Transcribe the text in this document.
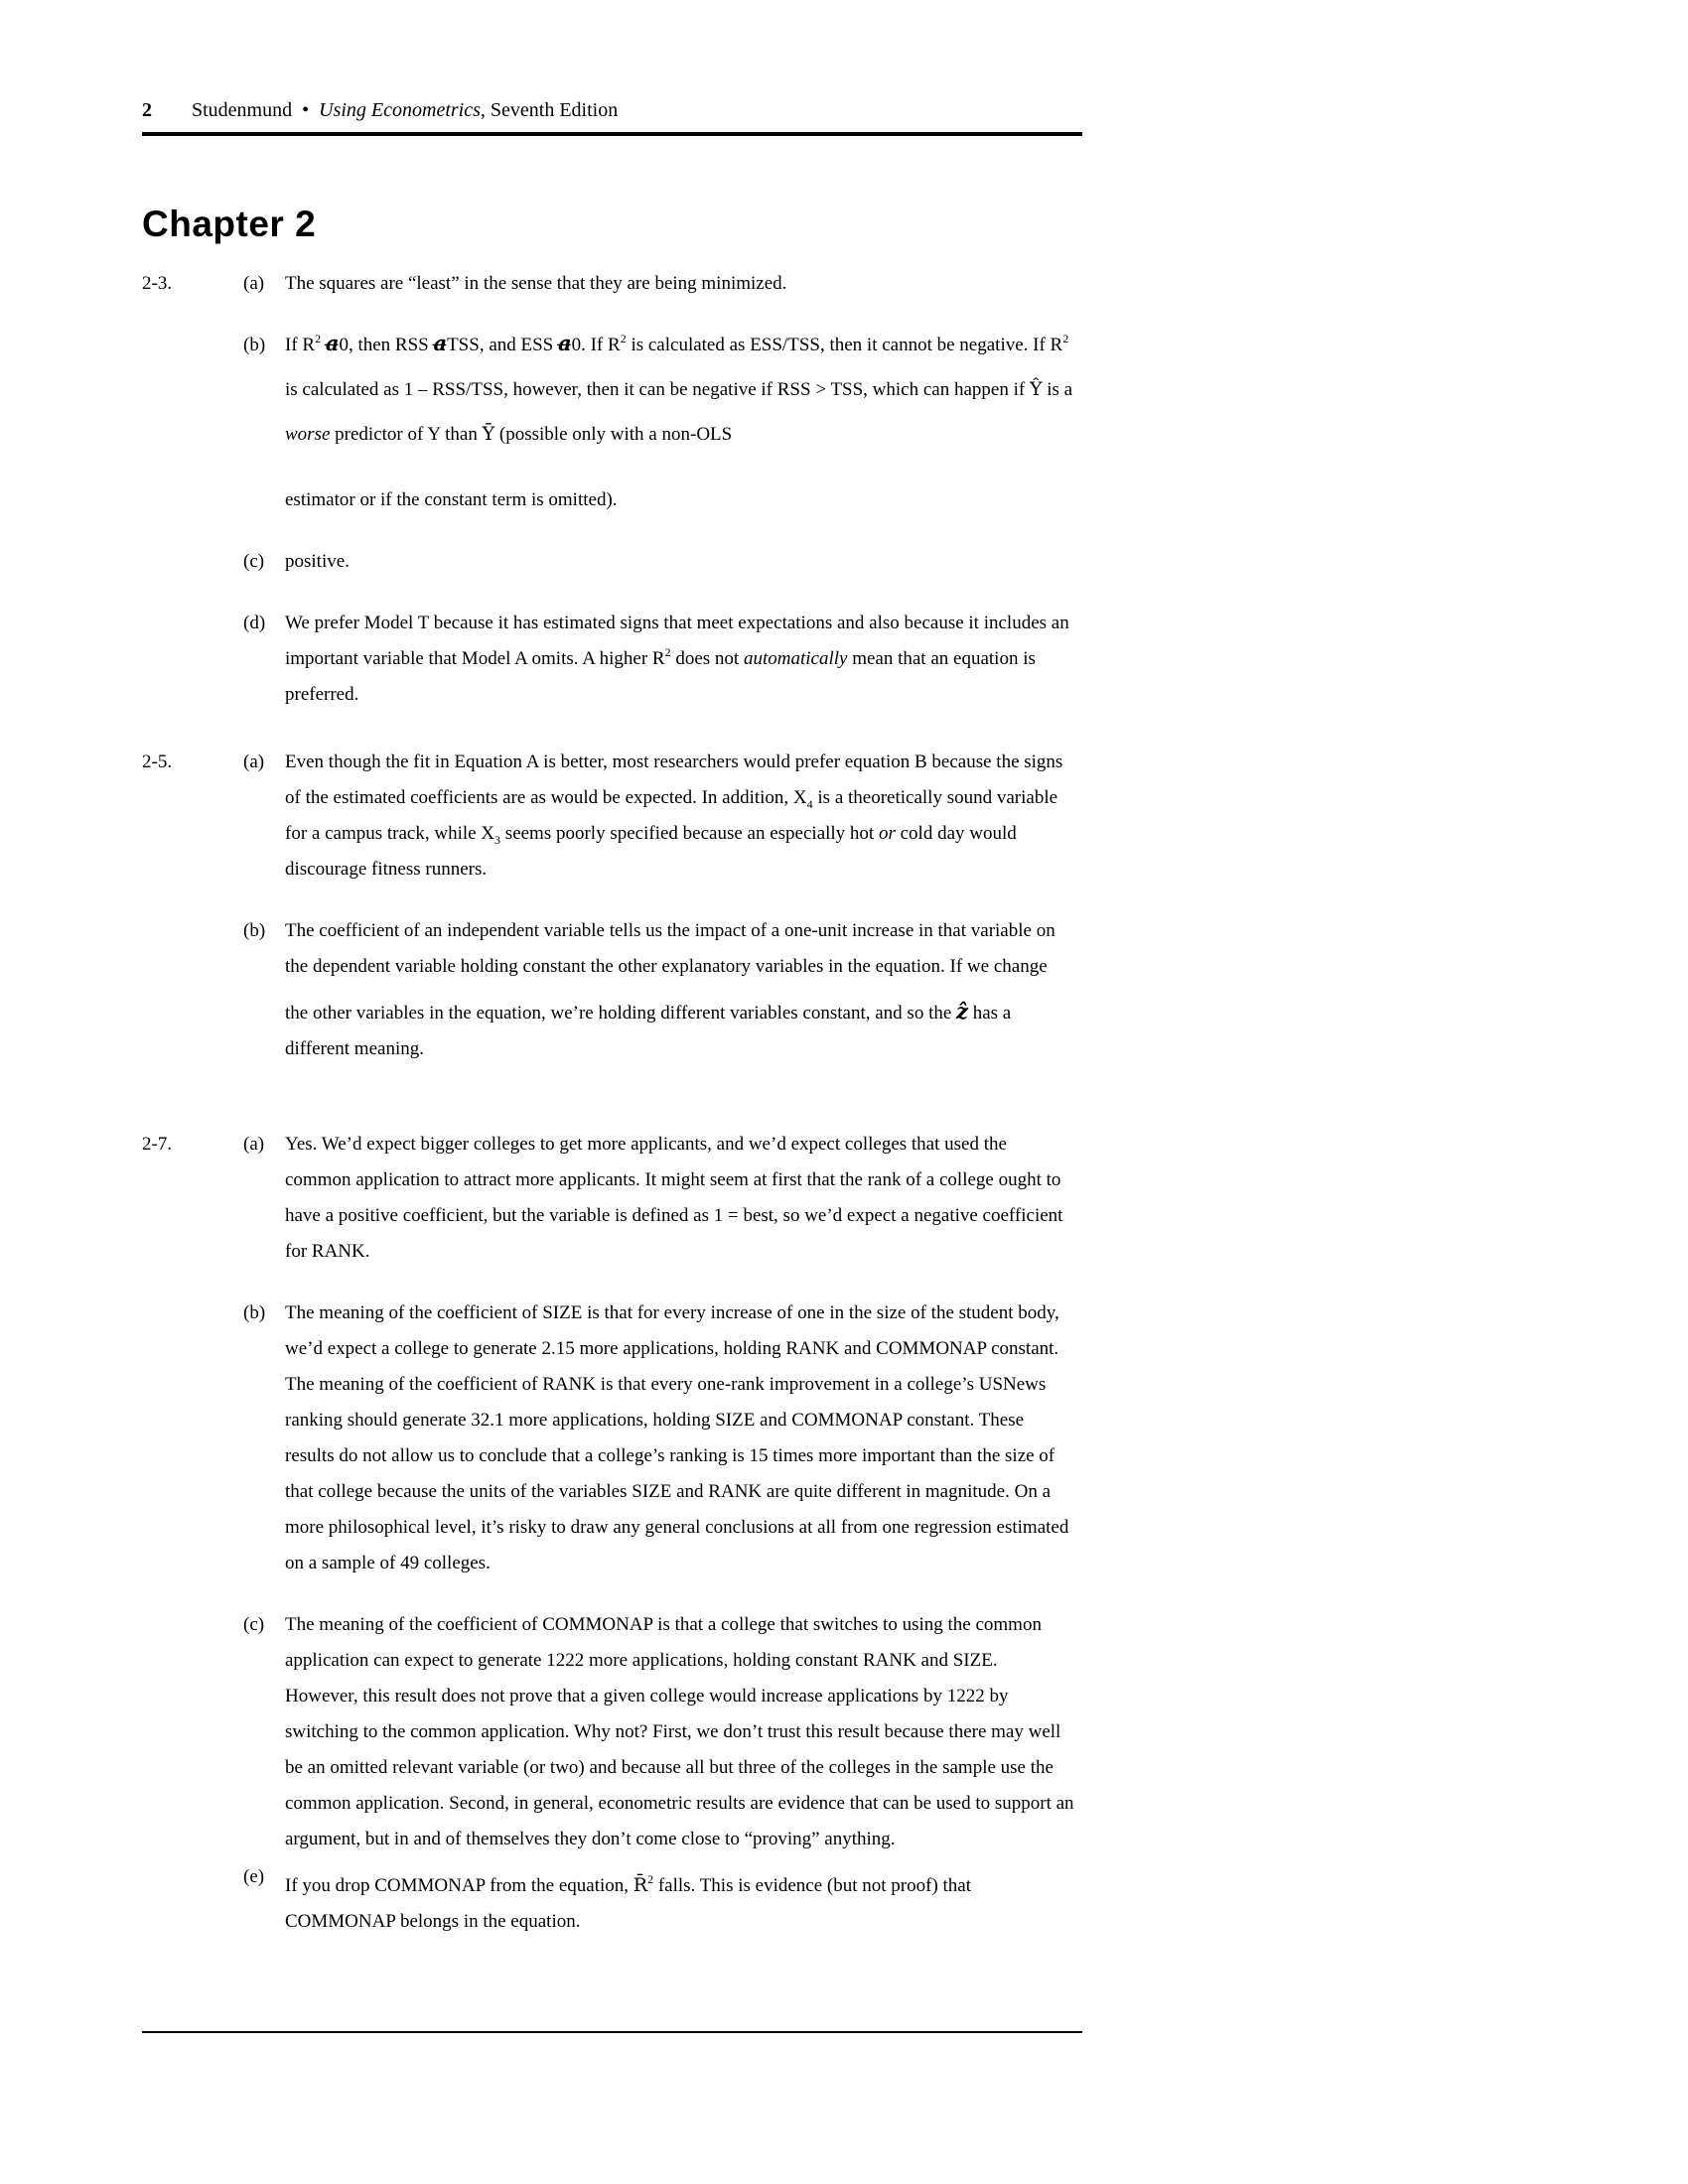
2 Studenmund • Using Econometrics, Seventh Edition
Chapter 2
2-3.	(a)	The squares are “least” in the sense that they are being minimized.

(b)	If $R^2$ a̶0, then RSS a̶TSS, and ESS a̶0. If $R^2$ is calculated as ESS/TSS, then it cannot be negative. If $R^2$ is calculated as 1 – RSS/TSS, however, then it can be negative if RSS > TSS, which can happen if Ŷ is a worse predictor of Y than Ȳ (possible only with a non-OLS

estimator or if the constant term is omitted).

(c)	positive.

(d)	We prefer Model T because it has estimated signs that meet expectations and also because it includes an important variable that Model A omits. A higher $R^2$ does not automatically mean that an equation is preferred.

2-5.	(a)	Even though the fit in Equation A is better, most researchers would prefer equation B because the signs of the estimated coefficients are as would be expected. In addition, $X_4$ is a theoretically sound variable for a campus track, while $X_3$ seems poorly specified because an especially hot or cold day would discourage fitness runners.

(b)	The coefficient of an independent variable tells us the impact of a one-unit increase in that variable on the dependent variable holding constant the other explanatory variables in the equation. If we change the other variables in the equation, we’re holding different variables constant, and so the ẑ has a different meaning.

2-7.	(a)	Yes. We’d expect bigger colleges to get more applicants, and we’d expect colleges that used the common application to attract more applicants. It might seem at first that the rank of a college ought to have a positive coefficient, but the variable is defined as 1 = best, so we’d expect a negative coefficient for RANK.

(b)	The meaning of the coefficient of SIZE is that for every increase of one in the size of the student body, we’d expect a college to generate 2.15 more applications, holding RANK and COMMONAP constant. The meaning of the coefficient of RANK is that every one-rank improvement in a college’s USNews ranking should generate 32.1 more applications, holding SIZE and COMMONAP constant. These results do not allow us to conclude that a college’s ranking is 15 times more important than the size of that college because the units of the variables SIZE and RANK are quite different in magnitude. On a more philosophical level, it’s risky to draw any general conclusions at all from one regression estimated on a sample of 49 colleges.

(c)	The meaning of the coefficient of COMMONAP is that a college that switches to using the common application can expect to generate 1222 more applications, holding constant RANK and SIZE. However, this result does not prove that a given college would increase applications by 1222 by switching to the common application. Why not? First, we don’t trust this result because there may well be an omitted relevant variable (or two) and because all but three of the colleges in the sample use the common application. Second, in general, econometric results are evidence that can be used to support an argument, but in and of themselves they don’t come close to “proving” anything.

(e)	If you drop COMMONAP from the equation, R̄$^2$ falls. This is evidence (but not proof) that COMMONAP belongs in the equation.
